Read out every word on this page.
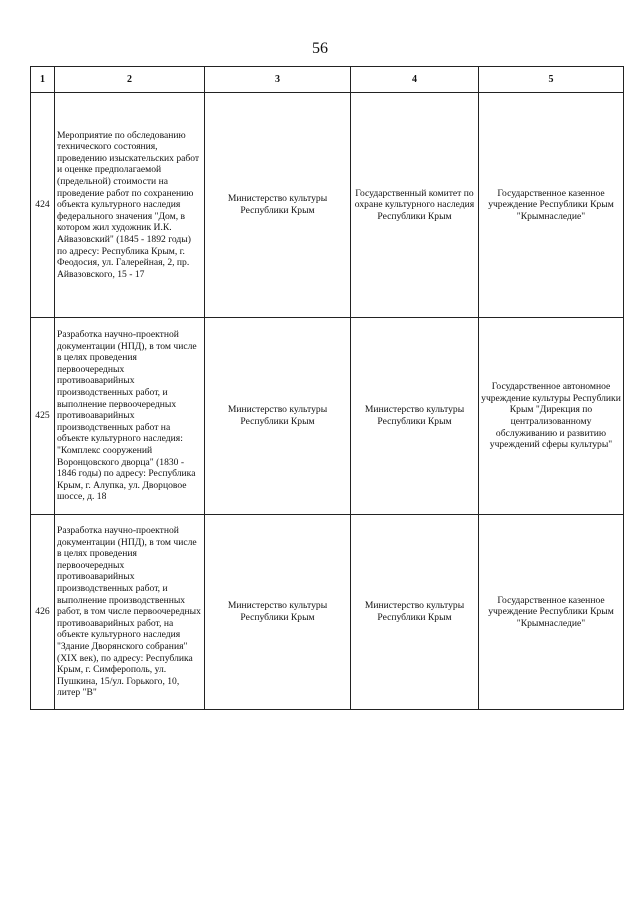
56
1	2	3	4	5
424	Мероприятие по обследованию технического состояния, проведению изыскательских работ и оценке предполагаемой (предельной) стоимости на проведение работ по сохранению объекта культурного наследия федерального значения "Дом, в котором жил художник И.К. Айвазовский" (1845 - 1892 годы) по адресу: Республика Крым, г. Феодосия, ул. Галерейная, 2, пр. Айвазовского, 15 - 17	Министерство культуры Республики Крым	Государственный комитет по охране культурного наследия Республики Крым	Государственное казенное учреждение Республики Крым "Крымнаследие"
425	Разработка научно-проектной документации (НПД), в том числе в целях проведения первоочередных противоаварийных производственных работ, и выполнение первоочередных противоаварийных производственных работ на объекте культурного наследия: "Комплекс сооружений Воронцовского дворца" (1830 - 1846 годы) по адресу: Республика Крым, г. Алупка, ул. Дворцовое шоссе, д. 18	Министерство культуры Республики Крым	Министерство культуры Республики Крым	Государственное автономное учреждение культуры Республики Крым "Дирекция по централизованному обслуживанию и развитию учреждений сферы культуры"
426	Разработка научно-проектной документации (НПД), в том числе в целях проведения первоочередных противоаварийных производственных работ, и выполнение производственных работ, в том числе первоочередных противоаварийных работ, на объекте культурного наследия "Здание Дворянского собрания" (XIX век), по адресу: Республика Крым, г. Симферополь, ул. Пушкина, 15/ул. Горького, 10, литер "В"	Министерство культуры Республики Крым	Министерство культуры Республики Крым	Государственное казенное учреждение Республики Крым "Крымнаследие"
